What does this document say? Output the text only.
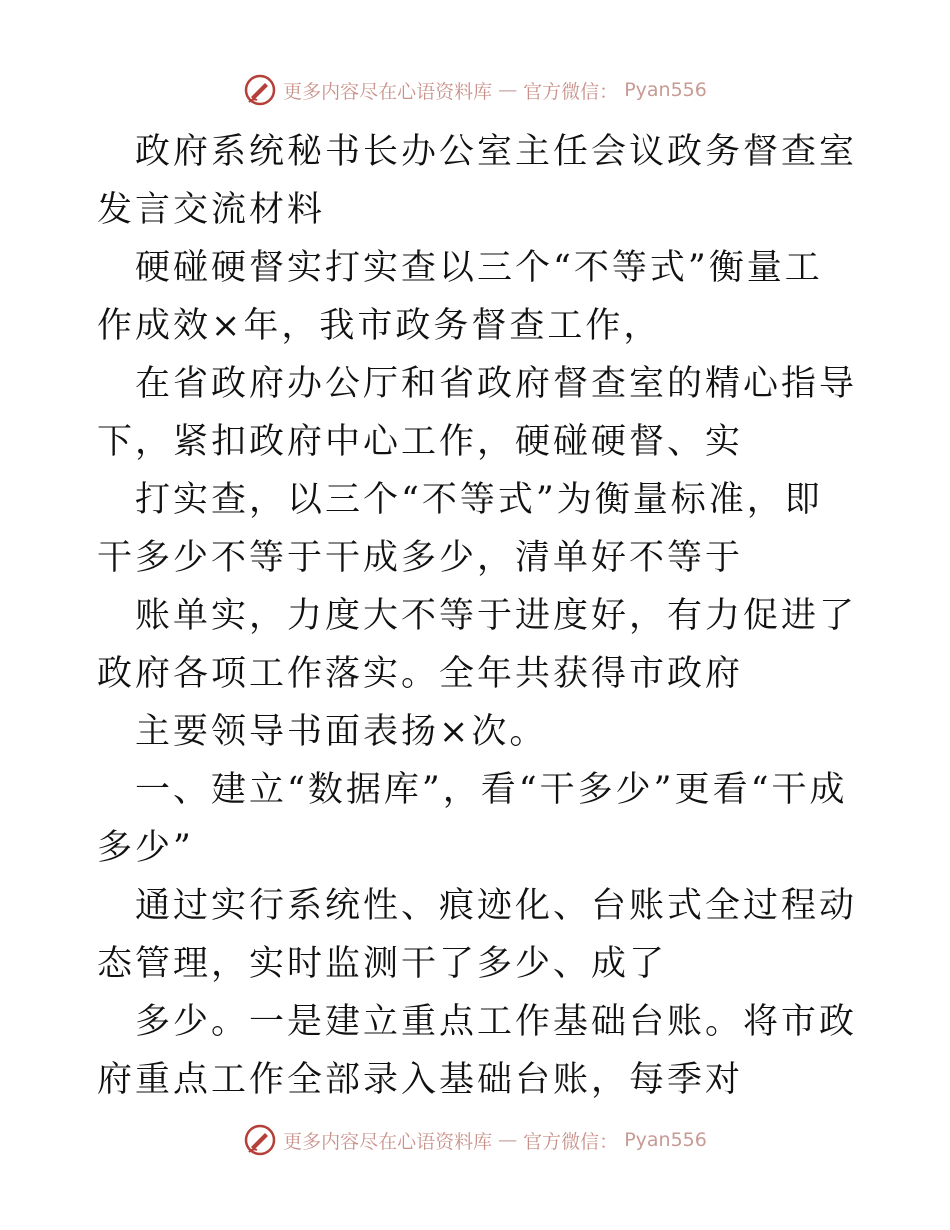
更多内容尽在心语资料库 — 官方微信： Pyan556

政府系统秘书长办公室主任会议政务督查室发言交流材料

硬碰硬督实打实查以三个“不等式”衡量工作成效×年，我市政务督查工作，

在省政府办公厅和省政府督查室的精心指导下，紧扣政府中心工作，硬碰硬督、实

打实查，以三个“不等式”为衡量标准，即干多少不等于干成多少，清单好不等于

账单实，力度大不等于进度好，有力促进了政府各项工作落实。全年共获得市政府

主要领导书面表扬×次。

一、建立“数据库”，看“干多少”更看“干成多少”

通过实行系统性、痕迹化、台账式全过程动态管理，实时监测干了多少、成了

多少。一是建立重点工作基础台账。将市政府重点工作全部录入基础台账，每季对

更多内容尽在心语资料库 — 官方微信： Pyan556
